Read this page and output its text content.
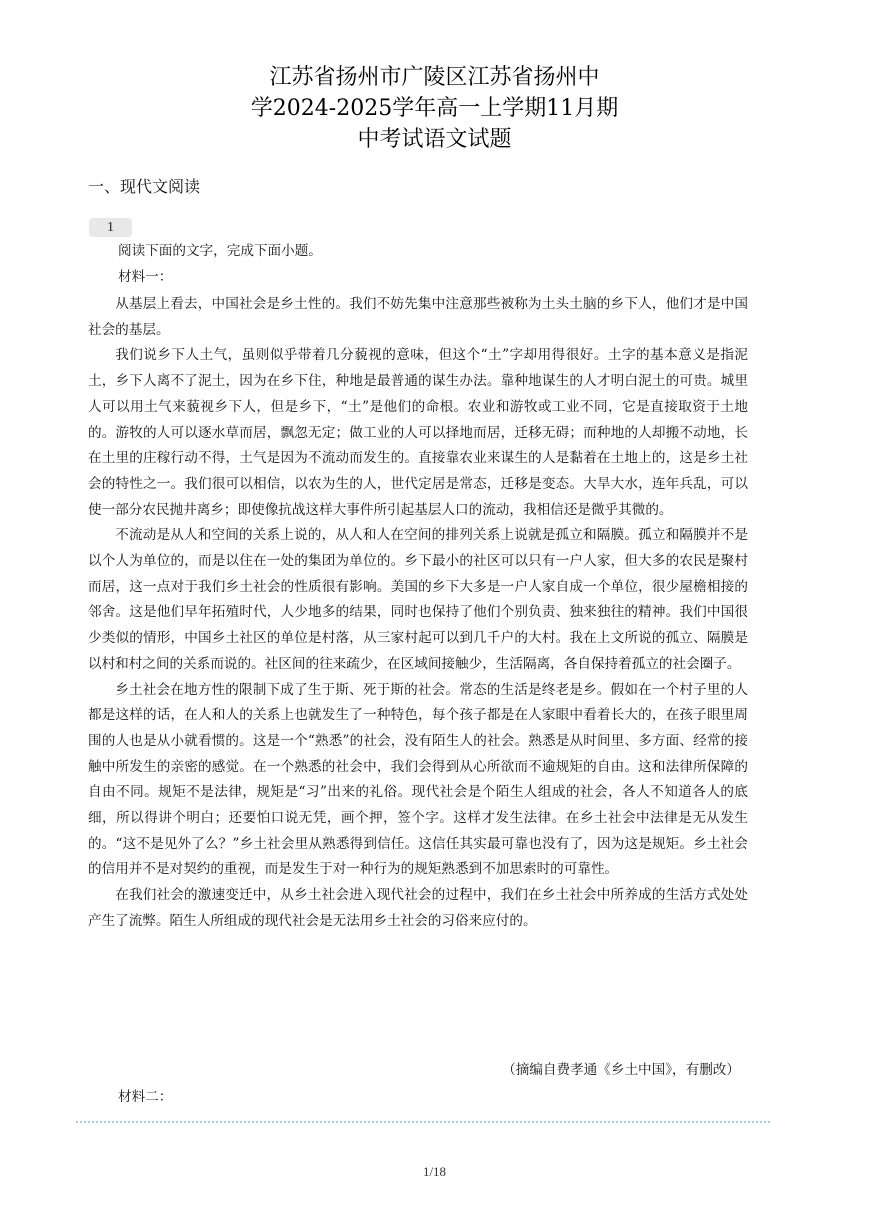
江苏省扬州市广陵区江苏省扬州中
学2024-2025学年高一上学期11月期
中考试语文试题
一、现代文阅读
1
阅读下面的文字，完成下面小题。
材料一：

从基层上看去，中国社会是乡土性的。我们不妨先集中注意那些被称为土头土脑的乡下人，他们才是中国社会的基层。

我们说乡下人土气，虽则似乎带着几分藐视的意味，但这个“土”字却用得很好。土字的基本意义是指泥土，乡下人离不了泥土，因为在乡下住，种地是最普通的谋生办法。靠种地谋生的人才明白泥土的可贵。城里人可以用土气来藐视乡下人，但是乡下，“土”是他们的命根。农业和游牧或工业不同，它是直接取资于土地的。游牧的人可以逐水草而居，飘忽无定；做工业的人可以择地而居，迁移无碍；而种地的人却搬不动地，长在土里的庄稼行动不得，土气是因为不流动而发生的。直接靠农业来谋生的人是黏着在土地上的，这是乡土社会的特性之一。我们很可以相信，以农为生的人，世代定居是常态，迁移是变态。大旱大水，连年兵乱，可以使一部分农民抛井离乡；即使像抗战这样大事件所引起基层人口的流动，我相信还是微乎其微的。

不流动是从人和空间的关系上说的，从人和人在空间的排列关系上说就是孤立和隔膜。孤立和隔膜并不是以个人为单位的，而是以住在一处的集团为单位的。乡下最小的社区可以只有一户人家，但大多的农民是聚村而居，这一点对于我们乡土社会的性质很有影响。美国的乡下大多是一户人家自成一个单位，很少屋檐相接的邻舍。这是他们早年拓殖时代，人少地多的结果，同时也保持了他们个别负责、独来独往的精神。我们中国很少类似的情形，中国乡土社区的单位是村落，从三家村起可以到几千户的大村。我在上文所说的孤立、隔膜是以村和村之间的关系而说的。社区间的往来疏少，在区域间接触少，生活隔离，各自保持着孤立的社会圈子。

乡土社会在地方性的限制下成了生于斯、死于斯的社会。常态的生活是终老是乡。假如在一个村子里的人都是这样的话，在人和人的关系上也就发生了一种特色，每个孩子都是在人家眼中看着长大的，在孩子眼里周围的人也是从小就看惯的。这是一个“熟悉”的社会，没有陌生人的社会。熟悉是从时间里、多方面、经常的接触中所发生的亲密的感觉。在一个熟悉的社会中，我们会得到从心所欲而不逾规矩的自由。这和法律所保障的自由不同。规矩不是法律，规矩是“习”出来的礼俗。现代社会是个陌生人组成的社会，各人不知道各人的底细，所以得讲个明白；还要怕口说无凭，画个押，签个字。这样才发生法律。在乡土社会中法律是无从发生的。“这不是见外了么？”乡土社会里从熟悉得到信任。这信任其实最可靠也没有了，因为这是规矩。乡土社会的信用并不是对契约的重视，而是发生于对一种行为的规矩熟悉到不加思索时的可靠性。

在我们社会的激速变迁中，从乡土社会进入现代社会的过程中，我们在乡土社会中所养成的生活方式处处产生了流弊。陌生人所组成的现代社会是无法用乡土社会的习俗来应付的。

（摘编自费孝通《乡土中国》，有删改）
材料二：
1/18
